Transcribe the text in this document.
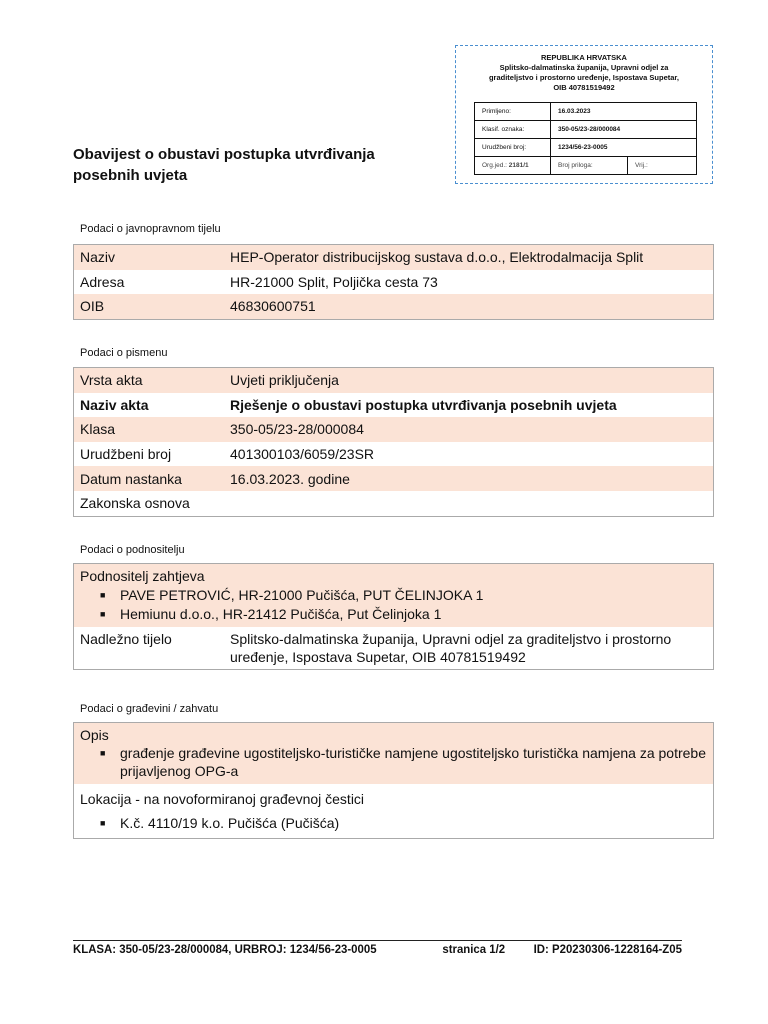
REPUBLIKA HRVATSKA
Splitsko-dalmatinska županija, Upravni odjel za
graditeljstvo i prostorno uređenje, Ispostava Supetar,
OIB 40781519492
Primljeno:	16.03.2023	
Klasif. oznaka:	350-05/23-28/000084	
Urudžbeni broj:	1234/56-23-0005	
Org.jed.: 2181/1	Broj priloga:	Vrij.:
Obavijest o obustavi postupka utvrđivanja posebnih uvjeta
Podaci o javnopravnom tijelu
Naziv	HEP-Operator distribucijskog sustava d.o.o., Elektrodalmacija Split
Adresa	HR-21000 Split, Poljička cesta 73
OIB	46830600751
Podaci o pismenu
Vrsta akta	Uvjeti priključenja
Naziv akta	Rješenje o obustavi postupka utvrđivanja posebnih uvjeta
Klasa	350-05/23-28/000084
Urudžbeni broj	401300103/6059/23SR
Datum nastanka	16.03.2023. godine
Zakonska osnova
Podaci o podnositelju
Podnositelj zahtjeva
■	PAVE PETROVIĆ, HR-21000 Pučišća, PUT ČELINJOKA 1
■	Hemiunu d.o.o., HR-21412 Pučišća, Put Čelinjoka 1
Nadležno tijelo	Splitsko-dalmatinska županija, Upravni odjel za graditeljstvo i prostorno uređenje, Ispostava Supetar, OIB 40781519492
Podaci o građevini / zahvatu
Opis
■	građenje građevine ugostiteljsko-turističke namjene ugostiteljsko turistička namjena za potrebe prijavljenog OPG-a
Lokacija - na novoformiranoj građevnoj čestici
■	K.č. 4110/19 k.o. Pučišća (Pučišća)
KLASA: 350-05/23-28/000084, URBROJ: 1234/56-23-0005	stranica 1/2 ID: P20230306-1228164-Z05
